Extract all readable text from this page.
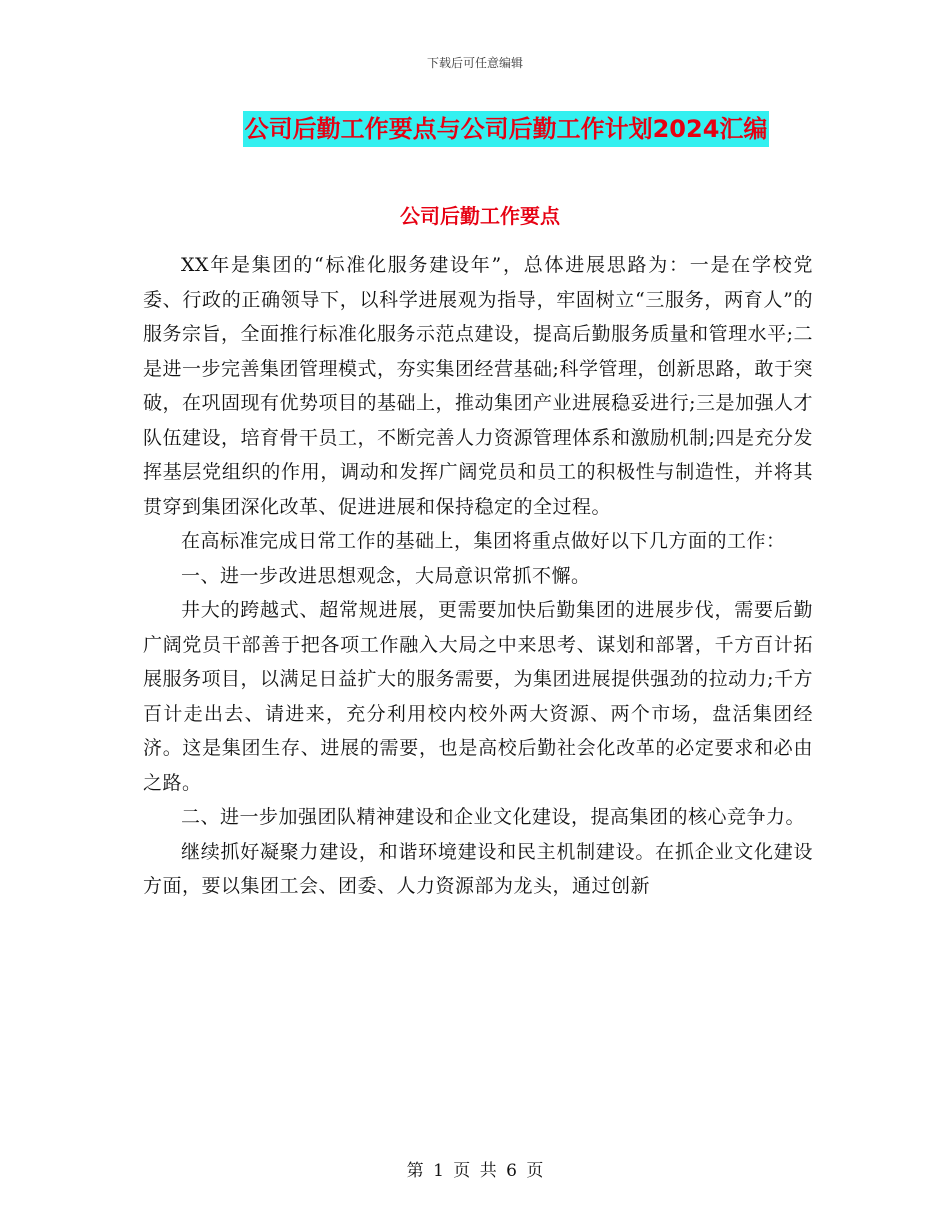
下载后可任意编辑
公司后勤工作要点与公司后勤工作计划2024汇编
公司后勤工作要点

XX年是集团的“标准化服务建设年”，总体进展思路为：一是在学校党委、行政的正确领导下，以科学进展观为指导，牢固树立“三服务，两育人”的服务宗旨，全面推行标准化服务示范点建设，提高后勤服务质量和管理水平;二是进一步完善集团管理模式，夯实集团经营基础;科学管理，创新思路，敢于突破，在巩固现有优势项目的基础上，推动集团产业进展稳妥进行;三是加强人才队伍建设，培育骨干员工，不断完善人力资源管理体系和激励机制;四是充分发挥基层党组织的作用，调动和发挥广阔党员和员工的积极性与制造性，并将其贯穿到集团深化改革、促进进展和保持稳定的全过程。

在高标准完成日常工作的基础上，集团将重点做好以下几方面的工作：

一、进一步改进思想观念，大局意识常抓不懈。

井大的跨越式、超常规进展，更需要加快后勤集团的进展步伐，需要后勤广阔党员干部善于把各项工作融入大局之中来思考、谋划和部署，千方百计拓展服务项目，以满足日益扩大的服务需要，为集团进展提供强劲的拉动力;千方百计走出去、请进来，充分利用校内校外两大资源、两个市场，盘活集团经济。这是集团生存、进展的需要，也是高校后勤社会化改革的必定要求和必由之路。

二、进一步加强团队精神建设和企业文化建设，提高集团的核心竞争力。

继续抓好凝聚力建设，和谐环境建设和民主机制建设。在抓企业文化建设方面，要以集团工会、团委、人力资源部为龙头，通过创新

第 1 页 共 6 页
